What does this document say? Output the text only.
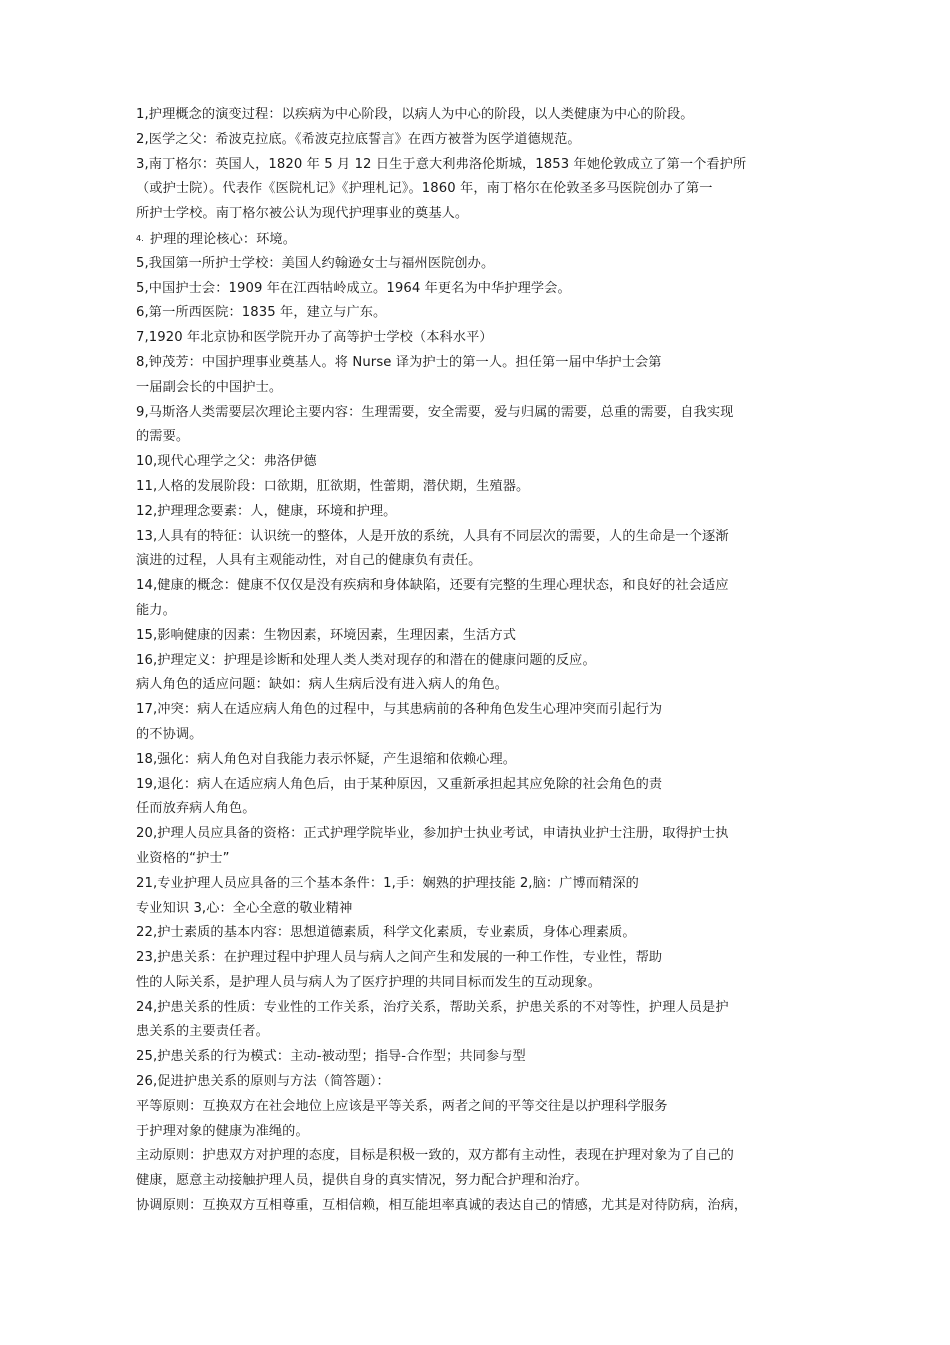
1,护理概念的演变过程：以疾病为中心阶段，以病人为中心的阶段，以人类健康为中心的阶段。
2,医学之父：希波克拉底。《希波克拉底誓言》在西方被誉为医学道德规范。
3,南丁格尔：英国人，1820 年 5 月 12 日生于意大利弗洛伦斯城，1853 年她伦敦成立了第一个看护所
（或护士院）。代表作《医院札记》《护理札记》。1860 年，南丁格尔在伦敦圣多马医院创办了第一
所护士学校。南丁格尔被公认为现代护理事业的奠基人。
4. 护理的理论核心：环境。
5,我国第一所护士学校：美国人约翰逊女士与福州医院创办。
5,中国护士会：1909 年在江西牯岭成立。1964 年更名为中华护理学会。
6,第一所西医院：1835 年，建立与广东。
7,1920 年北京协和医学院开办了高等护士学校（本科水平）
8,钟茂芳：中国护理事业奠基人。将 Nurse 译为护士的第一人。担任第一届中华护士会第
一届副会长的中国护士。
9,马斯洛人类需要层次理论主要内容：生理需要，安全需要，爱与归属的需要，总重的需要，自我实现
的需要。
10,现代心理学之父：弗洛伊德
11,人格的发展阶段：口欲期，肛欲期，性蕾期，潜伏期，生殖器。
12,护理理念要素：人，健康，环境和护理。
13,人具有的特征：认识统一的整体，人是开放的系统，人具有不同层次的需要，人的生命是一个逐渐
演进的过程，人具有主观能动性，对自己的健康负有责任。
14,健康的概念：健康不仅仅是没有疾病和身体缺陷，还要有完整的生理心理状态，和良好的社会适应
能力。
15,影响健康的因素：生物因素，环境因素，生理因素，生活方式
16,护理定义：护理是诊断和处理人类人类对现存的和潜在的健康问题的反应。
病人角色的适应问题：缺如：病人生病后没有进入病人的角色。
17,冲突：病人在适应病人角色的过程中，与其患病前的各种角色发生心理冲突而引起行为
的不协调。
18,强化：病人角色对自我能力表示怀疑，产生退缩和依赖心理。
19,退化：病人在适应病人角色后，由于某种原因，又重新承担起其应免除的社会角色的责
任而放弃病人角色。
20,护理人员应具备的资格：正式护理学院毕业，参加护士执业考试，申请执业护士注册，取得护士执
业资格的“护士”
21,专业护理人员应具备的三个基本条件：1,手：娴熟的护理技能 2,脑：广博而精深的
专业知识 3,心：全心全意的敬业精神
22,护士素质的基本内容：思想道德素质，科学文化素质，专业素质，身体心理素质。
23,护患关系：在护理过程中护理人员与病人之间产生和发展的一种工作性，专业性，帮助
性的人际关系，是护理人员与病人为了医疗护理的共同目标而发生的互动现象。
24,护患关系的性质：专业性的工作关系，治疗关系，帮助关系，护患关系的不对等性，护理人员是护
患关系的主要责任者。
25,护患关系的行为模式：主动-被动型；指导-合作型；共同参与型
26,促进护患关系的原则与方法（简答题）：
平等原则：互换双方在社会地位上应该是平等关系，两者之间的平等交往是以护理科学服务
于护理对象的健康为准绳的。
主动原则：护患双方对护理的态度，目标是积极一致的，双方都有主动性，表现在护理对象为了自己的
健康，愿意主动接触护理人员，提供自身的真实情况，努力配合护理和治疗。
协调原则：互换双方互相尊重，互相信赖，相互能坦率真诚的表达自己的情感，尤其是对待防病，治病，
